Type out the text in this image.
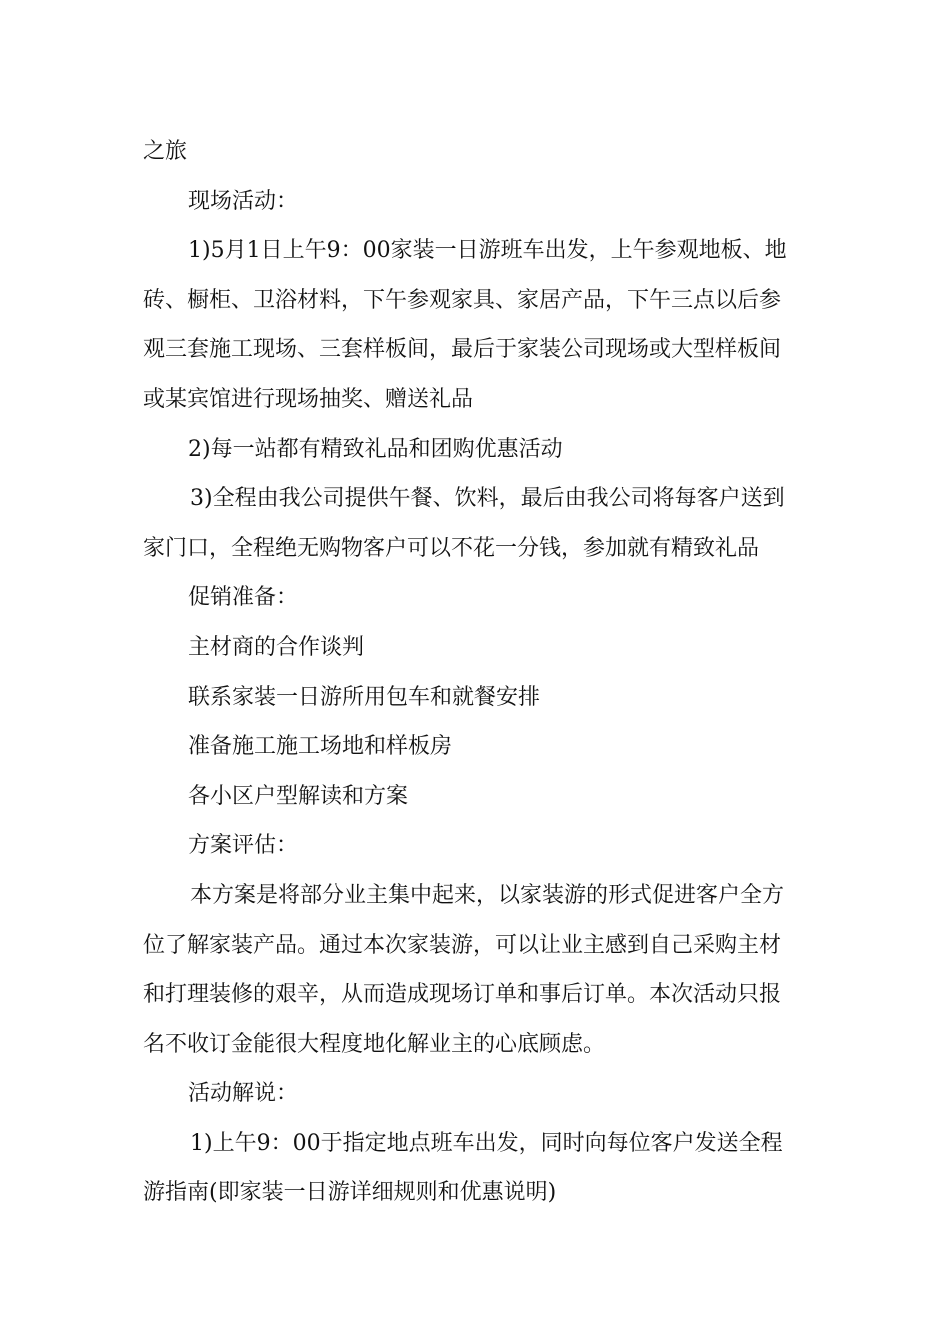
之旅
现场活动：
1)5月1日上午9：00家装一日游班车出发，上午参观地板、地
砖、橱柜、卫浴材料，下午参观家具、家居产品，下午三点以后参
观三套施工现场、三套样板间，最后于家装公司现场或大型样板间
或某宾馆进行现场抽奖、赠送礼品
2)每一站都有精致礼品和团购优惠活动
3)全程由我公司提供午餐、饮料，最后由我公司将每客户送到
家门口，全程绝无购物客户可以不花一分钱，参加就有精致礼品
促销准备：
主材商的合作谈判
联系家装一日游所用包车和就餐安排
准备施工施工场地和样板房
各小区户型解读和方案
方案评估：
本方案是将部分业主集中起来，以家装游的形式促进客户全方
位了解家装产品。通过本次家装游，可以让业主感到自己采购主材
和打理装修的艰辛，从而造成现场订单和事后订单。本次活动只报
名不收订金能很大程度地化解业主的心底顾虑。
活动解说：
1)上午9：00于指定地点班车出发，同时向每位客户发送全程
游指南(即家装一日游详细规则和优惠说明)
